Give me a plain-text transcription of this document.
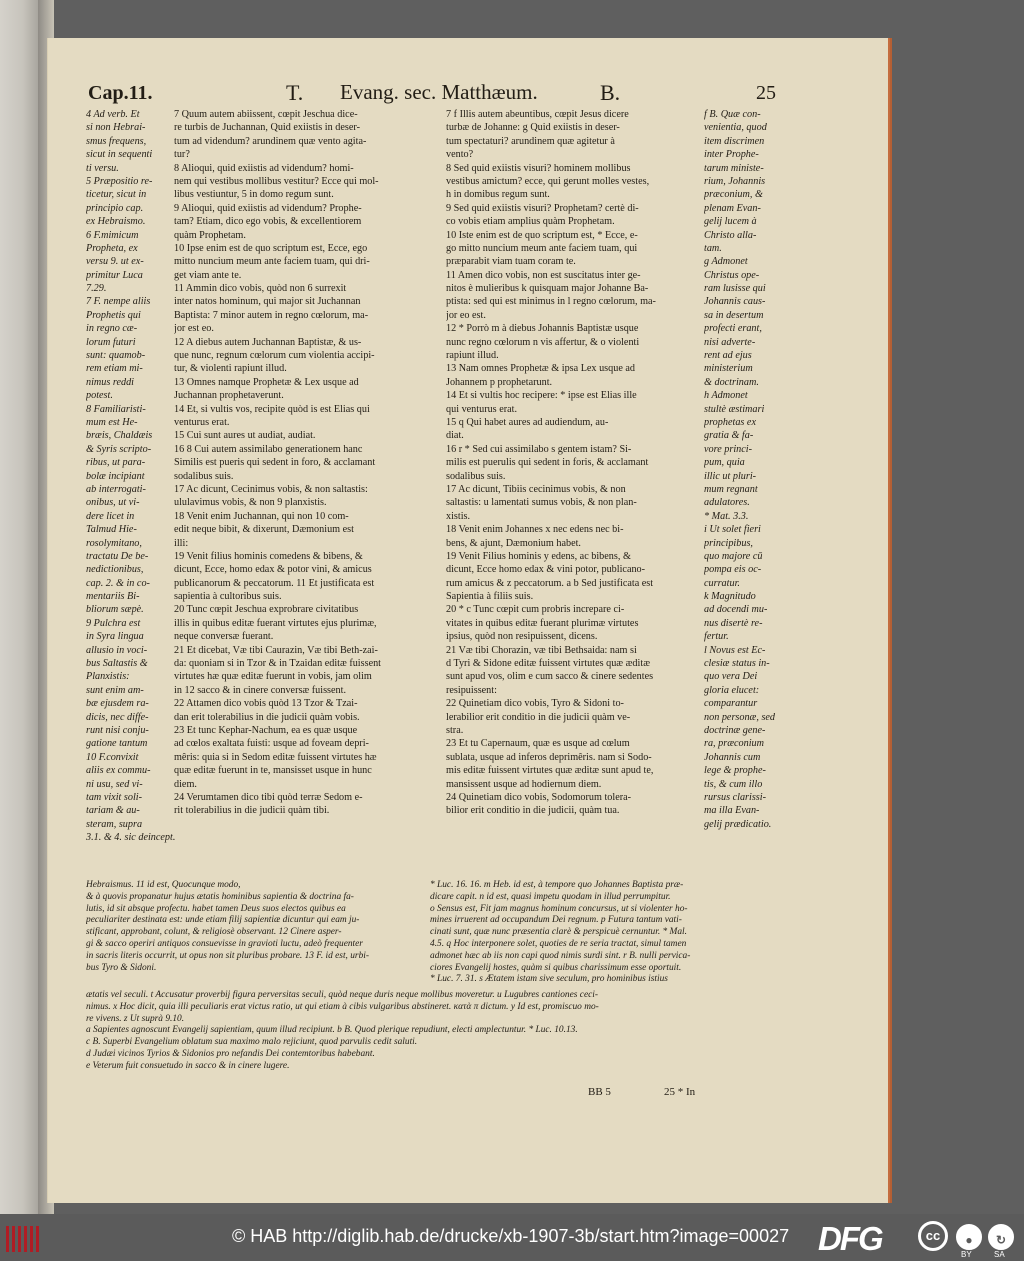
Cap.11.	T. Evang. sec. Matthæum.	B.	25
4 Ad verb. Et
si non Hebrai-
smus frequens,
sicut in sequenti
ti versu.
5 Præpositio re-
ticetur, sicut in
principio cap.
ex Hebraismo.
6 F.mimicum
Propheta, ex
versu 9. ut ex-
primitur Luca
7.29.
7 F. nempe aliis
Prophetis qui
in regno cæ-
lorum futuri
sunt: quamob-
rem etiam mi-
nimus reddi
potest.
8 Familiaristi-
mum est He-
bræis, Chaldæis
& Syris scripto-
ribus, ut para-
bolæ incipiant
ab interrogati-
onibus, ut vi-
dere licet in
Talmud Hie-
rosolymitano,
tractatu De be-
nedictionibus,
cap. 2. & in co-
mentariis Bi-
bliorum sæpè.
9 Pulchra est
in Syra lingua
allusio in voci-
bus Saltastis &
Planxistis:
sunt enim am-
bæ ejusdem ra-
dicis, nec diffe-
runt nisi conju-
gatione tantum
10 F.convixit
aliis ex commu-
ni usu, sed vi-
tam vixit soli-
tariam & au-
steram, supra
3.1. & 4. sic deincept.
7 Quum autem abiissent, cœpit Jeschua dice-
re turbis de Juchannan, Quid exiistis in deser-
tum ad videndum? arundinem quæ vento agita-
tur?
8 Alioqui, quid exiistis ad videndum? homi-
nem qui vestibus mollibus vestitur? Ecce qui mol-
libus vestiuntur, 5 in domo regum sunt.
9 Alioqui, quid exiistis ad videndum? Prophe-
tam? Etiam, dico ego vobis, & excellentiorem
quàm Prophetam.
10 Ipse enim est de quo scriptum est, Ecce, ego
mitto nuncium meum ante faciem tuam, qui dri-
get viam ante te.
11 Ammin dico vobis, quòd non 6 surrexit
inter natos hominum, qui major sit Juchannan
Baptista: 7 minor autem in regno cœlorum, ma-
jor est eo.
12 A diebus autem Juchannan Baptistæ, & us-
que nunc, regnum cœlorum cum violentia accipi-
tur, & violenti rapiunt illud.
13 Omnes namque Prophetæ & Lex usque ad
Juchannan prophetaverunt.
14 Et, si vultis vos, recipite quòd is est Elias qui
venturus erat.
15 Cui sunt aures ut audiat, audiat.
16 8 Cui autem assimilabo generationem hanc
Similis est pueris qui sedent in foro, & acclamant
sodalibus suis.
17 Ac dicunt, Cecinimus vobis, & non saltastis:
ululavimus vobis, & non 9 planxistis.
18 Venit enim Juchannan, qui non 10 com-
edit neque bibit, & dixerunt, Dæmonium est
illi:
19 Venit filius hominis comedens & bibens, &
dicunt, Ecce, homo edax & potor vini, & amicus
publicanorum & peccatorum. 11 Et justificata est
sapientia à cultoribus suis.
20 Tunc cœpit Jeschua exprobrare civitatibus
illis in quibus editæ fuerant virtutes ejus plurimæ,
neque conversæ fuerant.
21 Et dicebat, Væ tibi Caurazin, Væ tibi Beth-zai-
da: quoniam si in Tzor & in Tzaidan editæ fuissent
virtutes hæ quæ editæ fuerunt in vobis, jam olim
in 12 sacco & in cinere conversæ fuissent.
22 Attamen dico vobis quòd 13 Tzor & Tzai-
dan erit tolerabilius in die judicii quàm vobis.
23 Et tunc Kephar-Nachum, ea es quæ usque
ad cœlos exaltata fuisti: usque ad foveam depri-
mêris: quia si in Sedom editæ fuissent virtutes hæ
quæ editæ fuerunt in te, mansisset usque in hunc
diem.
24 Verumtamen dico tibi quòd terræ Sedom e-
rit tolerabilius in die judicii quàm tibi.
7 f Illis autem abeuntibus, cœpit Jesus dicere
turbæ de Johanne: g Quid exiistis in deser-
tum spectaturi? arundinem quæ agitetur à
vento?
8 Sed quid exiistis visuri? hominem mollibus
vestibus amictum? ecce, qui gerunt molles vestes,
h in domibus regum sunt.
9 Sed quid exiistis visuri? Prophetam? certè di-
co vobis etiam amplius quàm Prophetam.
10 Iste enim est de quo scriptum est, * Ecce, e-
go mitto nuncium meum ante faciem tuam, qui
præparabit viam tuam coram te.
11 Amen dico vobis, non est suscitatus inter ge-
nitos è mulieribus k quisquam major Johanne Ba-
ptista: sed qui est minimus in l regno cœlorum, ma-
jor eo est.
12 * Porrò m à diebus Johannis Baptistæ usque
nunc regno cœlorum n vis affertur, & o violenti
rapiunt illud.
13 Nam omnes Prophetæ & ipsa Lex usque ad
Johannem p prophetarunt.
14 Et si vultis hoc recipere: * ipse est Elias ille
qui venturus erat.
15 q Qui habet aures ad audiendum, au-
diat.
16 r * Sed cui assimilabo s gentem istam? Si-
milis est puerulis qui sedent in foris, & acclamant
sodalibus suis.
17 Ac dicunt, Tibiis cecinimus vobis, & non
saltastis: u lamentati sumus vobis, & non plan-
xistis.
18 Venit enim Johannes x nec edens nec bi-
bens, & ajunt, Dæmonium habet.
19 Venit Filius hominis y edens, ac bibens, &
dicunt, Ecce homo edax & vini potor, publicano-
rum amicus & z peccatorum. a b Sed justificata est
Sapientia à filiis suis.
20 * c Tunc cœpit cum probris increpare ci-
vitates in quibus editæ fuerant plurimæ virtutes
ipsius, quòd non resipuissent, dicens.
21 Væ tibi Chorazin, væ tibi Bethsaida: nam si
d Tyri & Sidone editæ fuissent virtutes quæ æditæ
sunt apud vos, olim e cum sacco & cinere sedentes
resipuissent:
22 Quinetiam dico vobis, Tyro & Sidoni to-
lerabilior erit conditio in die judicii quàm ve-
stra.
23 Et tu Capernaum, quæ es usque ad cœlum
sublata, usque ad inferos deprimêris. nam si Sodo-
mis editæ fuissent virtutes quæ æditæ sunt apud te,
mansissent usque ad hodiernum diem.
24 Quinetiam dico vobis, Sodomorum tolera-
bilior erit conditio in die judicii, quàm tua.
f B. Quæ con-
venientia, quod
item discrimen
inter Prophe-
tarum ministe-
rium, Johannis
præconium, &
plenam Evan-
gelij lucem à
Christo alla-
tam.
g Admonet
Christus ope-
ram lusisse qui
Johannis caus-
sa in desertum
profecti erant,
nisi adverte-
rent ad ejus
ministerium
& doctrinam.
h Admonet
stultè æstimari
prophetas ex
gratia & fa-
vore princi-
pum, quia
illic ut pluri-
mum regnant
adulatores.
* Mat. 3.3.
i Ut solet fieri
principibus,
quo majore cū
pompa eis oc-
curratur.
k Magnitudo
ad docendi mu-
nus disertè re-
fertur.
l Novus est Ec-
clesiæ status in-
quo vera Dei
gloria elucet:
comparantur
non personæ, sed
doctrinæ gene-
ra, præconium
Johannis cum
lege & prophe-
tis, & cum illo
rursus clarissi-
ma illa Evan-
gelij prædicatio.
Hebraismus. 11 id est, Quocunque modo,
& à quovis propanatur hujus ætatis hominibus sapientia & doctrina fa-
lutis, id sit absque profectu. habet tamen Deus suos electos quibus ea
peculiariter destinata est: unde etiam filij sapientiæ dicuntur qui eam ju-
stificant, approbant, colunt, & religiosè observant. 12 Cinere asper-
gi & sacco operiri antiquos consuevisse in gravioti luctu, adeò frequenter
in sacris literis occurrit, ut opus non sit pluribus probare. 13 F. id est, urbi-
bus Tyro & Sidoni.
* Luc. 16. 16. m Heb. id est, à tempore quo Johannes Baptista præ-
dicare capit. n id est, quasi impetu quodam in illud perrumpitur.
o Sensus est, Fit jam magnus hominum concursus, ut si violenter ho-
mines irruerent ad occupandum Dei regnum. p Futura tantum vati-
cinati sunt, quæ nunc præsentia clarè & perspicuè cernuntur. * Mal.
4.5. q Hoc interponere solet, quoties de re seria tractat, simul tamen
admonet hæc ab iis non capi quod nimis surdi sint. r B. nulli pervica-
ciores Evangelij hostes, quàm si quibus charissimum esse oportuit.
* Luc. 7. 31. s Ætatem istam sive seculum, pro hominibus istius
ætatis vel seculi. t Accusatur proverbij figura perversitas seculi, quòd neque duris neque mollibus moveretur. u Lugubres cantiones ceci-
nimus. x Hoc dicit, quia illi peculiaris erat victus ratio, ut qui etiam à cibis vulgaribus abstineret. κατὰ π dictum. y Id est, promiscuo mo-
re vivens. z Ut suprà 9.10.
a Sapientes agnoscunt Evangelij sapientiam, quum illud recipiunt. b B. Quod plerique repudiunt, electi amplectuntur. * Luc. 10.13.
c B. Superbi Evangelium oblatum sua maximo malo rejiciunt, quod parvulis cedit saluti.
d Judæi vicinos Tyrios & Sidonios pro nefandis Dei contemtoribus habebant.
e Veterum fuit consuetudo in sacco & in cinere lugere.
BB 5	25 * In
© HAB http://diglib.hab.de/drucke/xb-1907-3b/start.htm?image=00027 DFG	cc	●	↻
BY	SA
